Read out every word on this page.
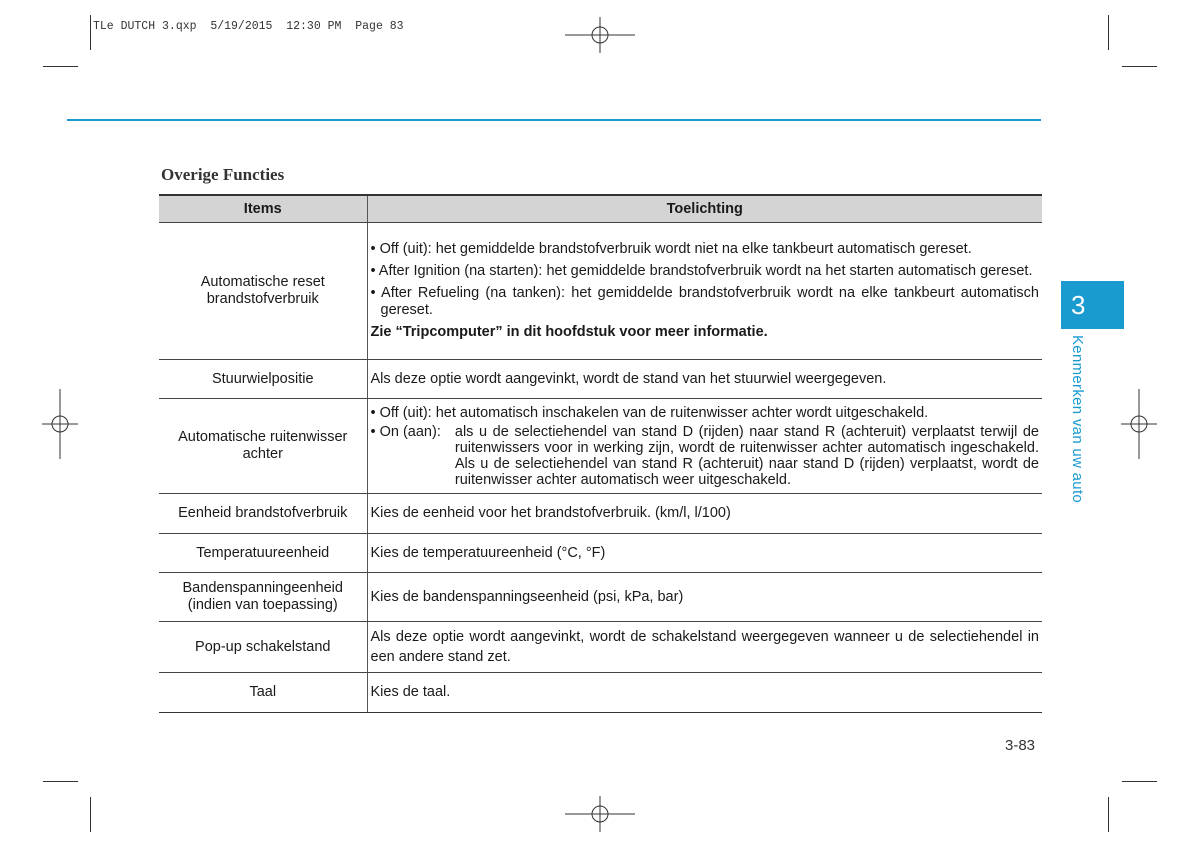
TLe DUTCH 3.qxp  5/19/2015  12:30 PM  Page 83
Overige Functies
Items	Toelichting

Automatische reset brandstofverbruik	• Off (uit): het gemiddelde brandstofverbruik wordt niet na elke tankbeurt automatisch gereset.
• After Ignition (na starten): het gemiddelde brandstofverbruik wordt na het starten automatisch gereset.
• After Refueling (na tanken): het gemiddelde brandstofverbruik wordt na elke tankbeurt automatisch gereset.
Zie “Tripcomputer” in dit hoofdstuk voor meer informatie.

Stuurwielpositie	Als deze optie wordt aangevinkt, wordt de stand van het stuurwiel weergegeven.

Automatische ruitenwisser achter	• Off (uit): het automatisch inschakelen van de ruitenwisser achter wordt uitgeschakeld.
• On (aan): als u de selectiehendel van stand D (rijden) naar stand R (achteruit) verplaatst terwijl de ruitenwissers voor in werking zijn, wordt de ruitenwisser achter automatisch ingeschakeld. Als u de selectiehendel van stand R (achteruit) naar stand D (rijden) verplaatst, wordt de ruitenwisser achter automatisch weer uitgeschakeld.

Eenheid brandstofverbruik	Kies de eenheid voor het brandstofverbruik. (km/l, l/100)
Temperatuureenheid	Kies de temperatuureenheid (°C, °F)

Bandenspanningeenheid
(indien van toepassing)	Kies de bandenspanningseenheid (psi, kPa, bar)
Pop-up schakelstand	Als deze optie wordt aangevinkt, wordt de schakelstand weergegeven wanneer u de selectiehendel in een andere stand zet.
Taal	Kies de taal.
3
Kenmerken van uw auto
3-83
